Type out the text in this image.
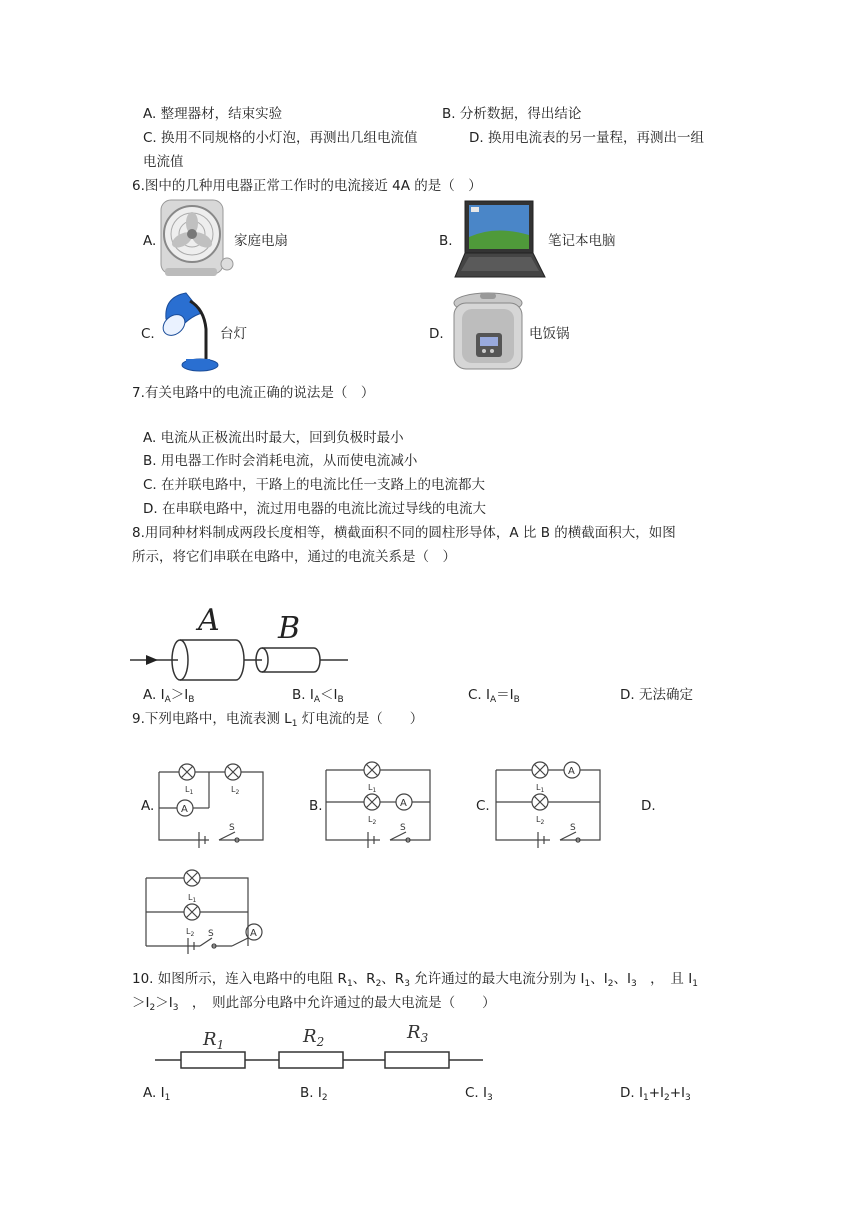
A. 整理器材，结束实验	B. 分析数据，得出结论
C. 换用不同规格的小灯泡，再测出几组电流值	D. 换用电流表的另一量程，再测出一组
电流值
6.图中的几种用电器正常工作时的电流接近 4A 的是（　）
A.	家庭电扇	B.	笔记本电脑
C.	台灯	D.	电饭锅
7.有关电路中的电流正确的说法是（　）
A. 电流从正极流出时最大，回到负极时最小
B. 用电器工作时会消耗电流，从而使电流减小
C. 在并联电路中，干路上的电流比任一支路上的电流都大
D. 在串联电路中，流过用电器的电流比流过导线的电流大
8.用同种材料制成两段长度相等，横截面积不同的圆柱形导体，A 比 B 的横截面积大，如图
所示，将它们串联在电路中，通过的电流关系是（　）
A B
A. $I_A>I_B$	B. $I_A<I_B$	C. $I_A=I_B$	D. 无法确定
9.下列电路中，电流表测 $L_1$ 灯电流的是（　　）
A.	A
$L_1$	$L_2$
S
B.	A
$L_1$
$L_2$
S
C.
A
$L_1$
$L_2$
S
D.
A
$L_1$
$L_2$ S
10. 如图所示，连入电路中的电阻 $R_1$、$R_2$、$R_3$ 允许通过的最大电流分别为 $I_1$、$I_2$、$I_3$　，　且 $I_1$
$>I_2>I_3$　，　则此部分电路中允许通过的最大电流是（　　）
$R_1$	$R_2$	$R_3$
A. $I_1$	B. $I_2$	C. $I_3$	D. $I_1+I_2+I_3$
